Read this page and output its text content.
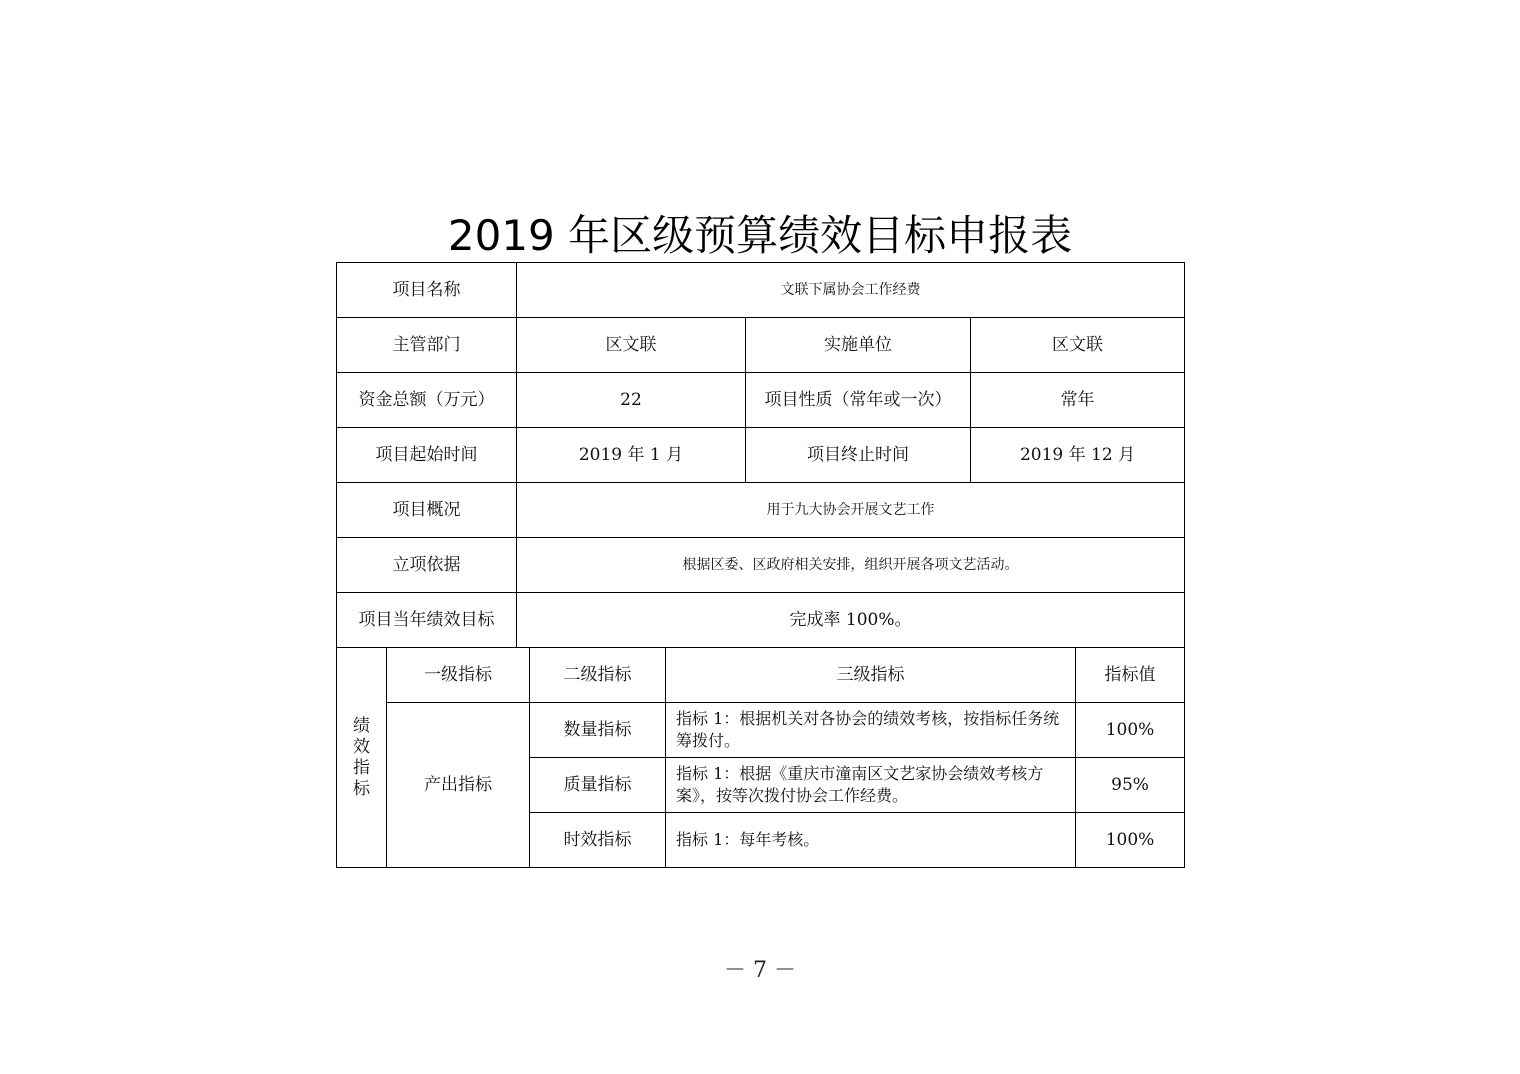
2019 年区级预算绩效目标申报表
项目名称		文联下属协会工作经费					
主管部门		区文联			实施单位	区文联	
资金总额（万元）		22			项目性质（常年或一次）	常年	
项目起始时间		2019 年 1 月			项目终止时间	2019 年 12 月	
项目概况		用于九大协会开展文艺工作					
立项依据		根据区委、区政府相关安排，组织开展各项文艺活动。					
项目当年绩效目标		完成率 100%。					
绩效指标	一级指标		二级指标	三级指标			指标值
	产出指标		数量指标	指标 1：根据机关对各协会的绩效考核，按指标任务统筹拨付。			100%
			质量指标	指标 1：根据《重庆市潼南区文艺家协会绩效考核方案》，按等次拨付协会工作经费。			95%
			时效指标	指标 1：每年考核。			100%
－ 7 －
